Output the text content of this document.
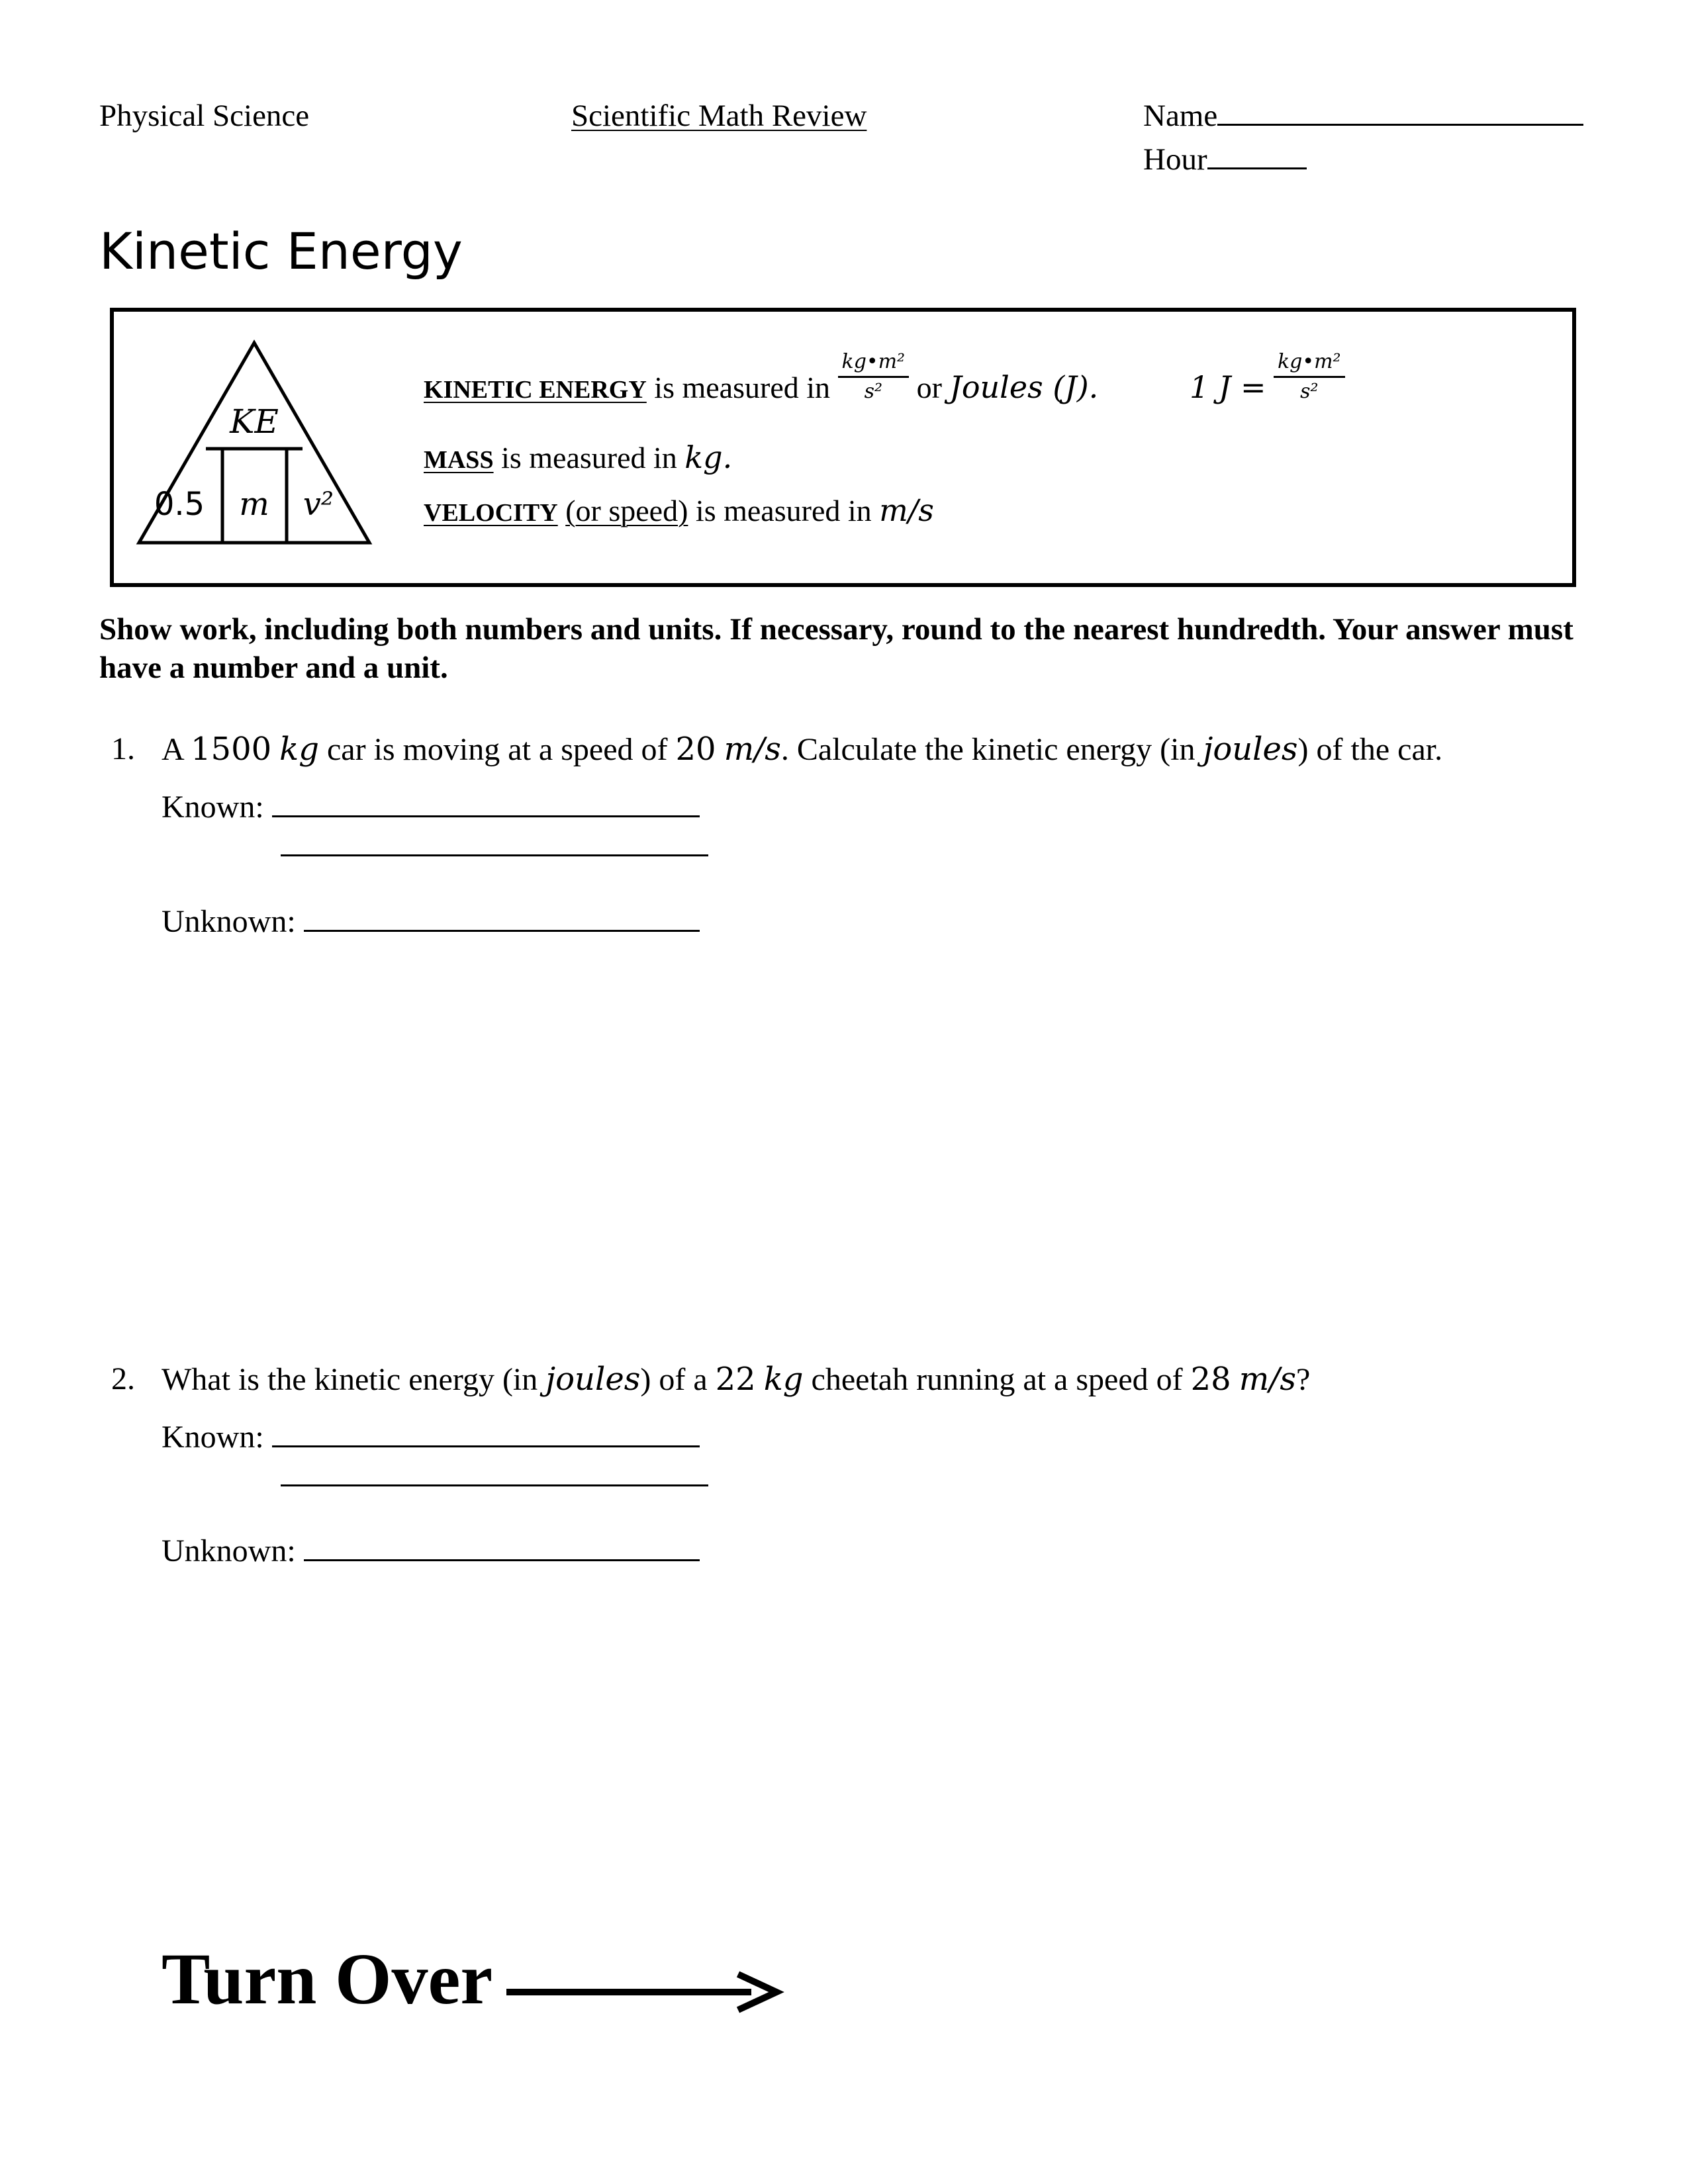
Physical Science	Scientific Math Review	Name
Hour
Kinetic Energy
KE
0.5 m v²
KINETIC ENERGY is measured in $\frac{\text{kg•m²}}{\text{s²}}$ or Joules (J).	1 $J = \frac{\text{kg•m²}}{\text{s²}}$
MASS is measured in kg.
VELOCITY (or speed) is measured in m/s
Show work, including both numbers and units. If necessary, round to the nearest hundredth. Your answer must have a number and a unit.
1. A 1500 kg car is moving at a speed of 20 m/s. Calculate the kinetic energy (in joules) of the car.
Known:
Unknown:
2. What is the kinetic energy (in joules) of a 22 kg cheetah running at a speed of 28 m/s?
Known:
Unknown:
Turn Over
